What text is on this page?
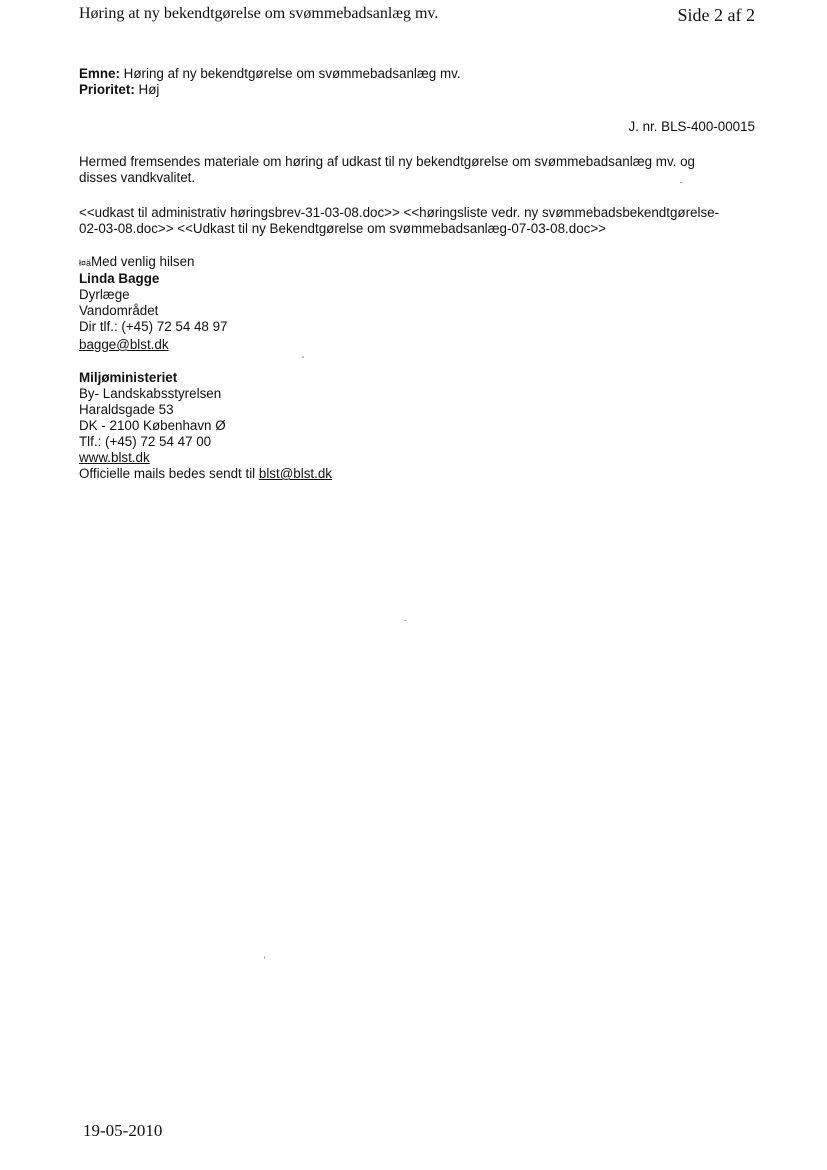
Høring at ny bekendtgørelse om svømmebadsanlæg mv.	Side 2 af 2
Emne: Høring af ny bekendtgørelse om svømmebadsanlæg mv.
Prioritet: Høj
J. nr. BLS-400-00015
Hermed fremsendes materiale om høring af udkast til ny bekendtgørelse om svømmebadsanlæg mv. og
disses vandkvalitet.
<<udkast til administrativ høringsbrev-31-03-08.doc>> <<høringsliste vedr. ny svømmebadsbekendtgørelse-
02-03-08.doc>> <<Udkast til ny Bekendtgørelse om svømmebadsanlæg-07-03-08.doc>>
ł¤äMed venlig hilsen
Linda Bagge
Dyrlæge
Vandområdet
Dir tlf.: (+45) 72 54 48 97
bagge@blst.dk
Miljøministeriet
By- Landskabsstyrelsen
Haraldsgade 53
DK - 2100 København Ø
Tlf.: (+45) 72 54 47 00
www.blst.dk
Officielle mails bedes sendt til blst@blst.dk
19-05-2010
